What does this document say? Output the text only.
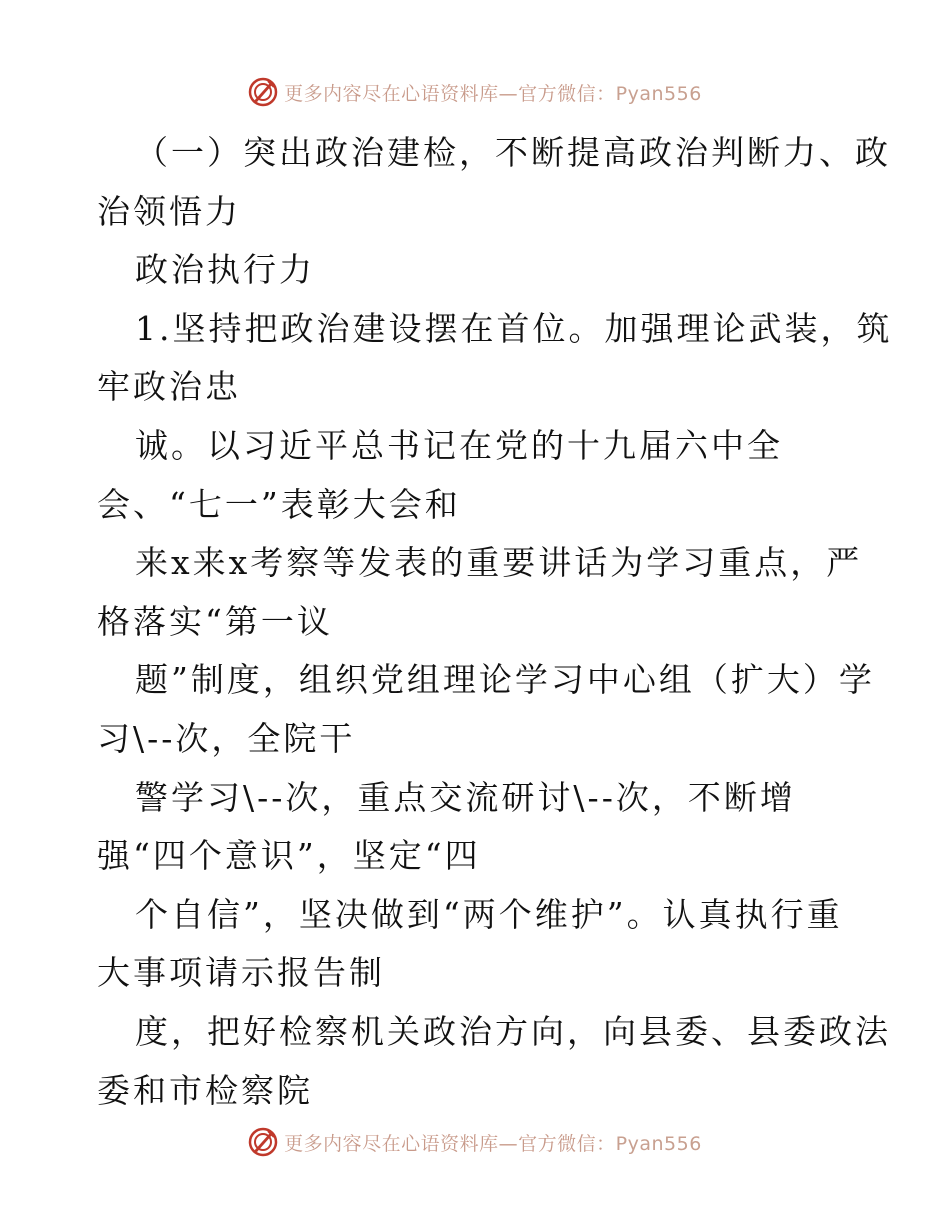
更多内容尽在心语资料库—官方微信：Pyan556
（一）突出政治建检，不断提高政治判断力、政
治领悟力
政治执行力
1.坚持把政治建设摆在首位。加强理论武装，筑
牢政治忠
诚。以习近平总书记在党的十九届六中全
会、“七一”表彰大会和
来x来x考察等发表的重要讲话为学习重点，严
格落实“第一议
题”制度，组织党组理论学习中心组（扩大）学
习\--次，全院干
警学习\--次，重点交流研讨\--次，不断增
强“四个意识”，坚定“四
个自信”，坚决做到“两个维护”。认真执行重
大事项请示报告制
度，把好检察机关政治方向，向县委、县委政法
委和市检察院
更多内容尽在心语资料库—官方微信：Pyan556
